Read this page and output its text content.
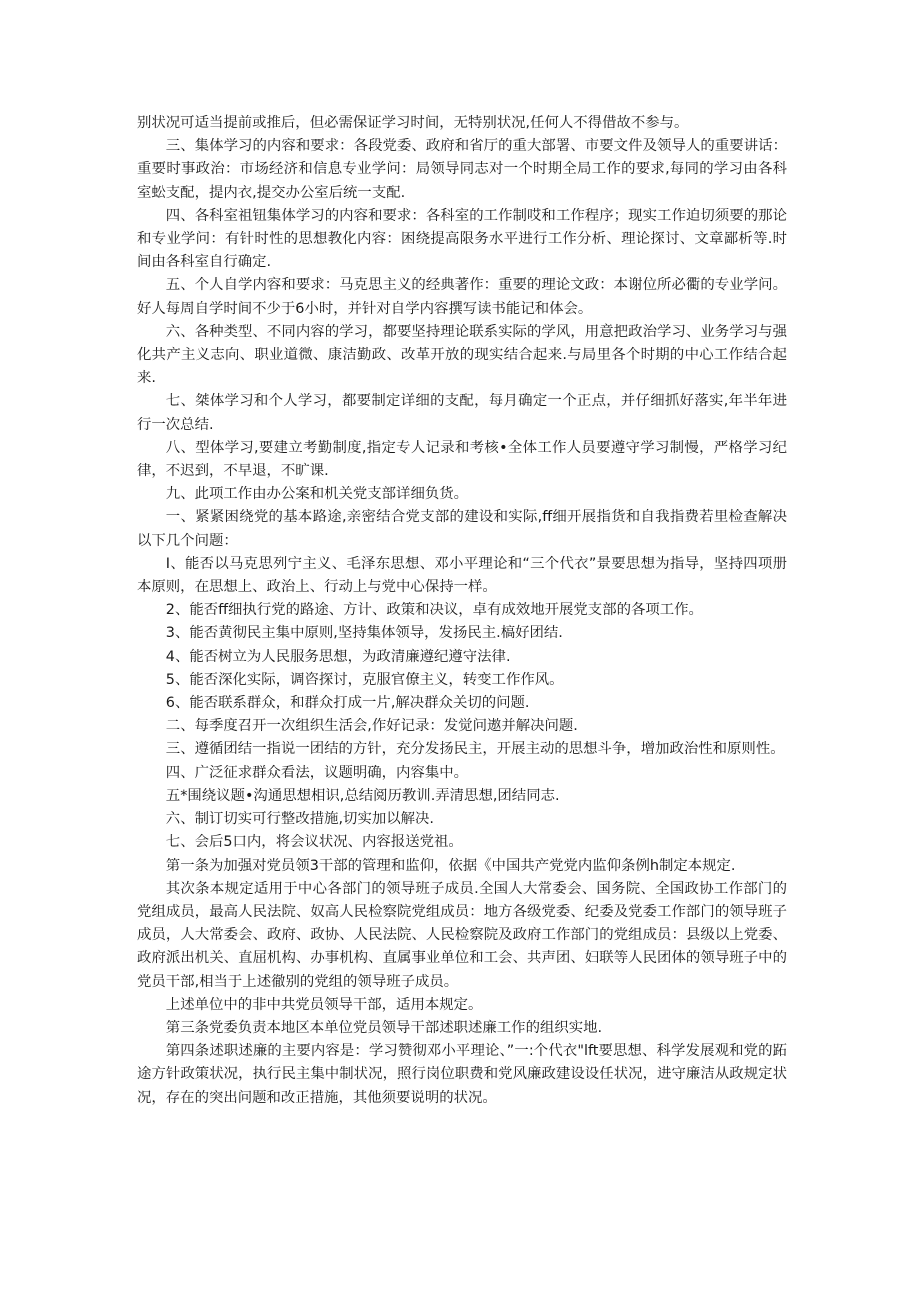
别状况可适当提前或推后，但必需保证学习时间，无特别状况,任何人不得借故不参与。

三、集体学习的内容和要求：各段党委、政府和省厅的重大部署、市要文件及领导人的重要讲话：重要时事政治：市场经济和信息专业学问：局领导同志对一个时期全局工作的要求,每同的学习由各科室蚣支配，提内衣,提交办公室后统一支配.

四、各科室祖钮集体学习的内容和要求：各科室的工作制哎和工作程序；现实工作迫切须要的那论和专业学问：有针时性的思想教化内容：困绕提高限务水平进行工作分析、理论探讨、文章鄙析等.时间由各科室自行确定.

五、个人自学内容和要求：马克思主义的经典著作：重要的理论文政：本谢位所必衢的专业学问。好人每周自学时间不少于6小时，并针对自学内容撰写读书能记和体会。

六、各种类型、不同内容的学习，都要坚持理论联系实际的学风，用意把政治学习、业务学习与强化共产主义志向、职业道微、康洁勤政、改革开放的现实结合起来.与局里各个时期的中心工作结合起来.

七、桀体学习和个人学习，都要制定详细的支配，每月确定一个正点，并仔细抓好落实,年半年进行一次总结.

八、型体学习,要建立考勤制度,指定专人记录和考核•全体工作人员要遵守学习制慢，严格学习纪律，不迟到，不早退，不旷课.

九、此项工作由办公案和机关党支部详细负货。

一、紧紧困绕党的基本路途,亲密结合党支部的建设和实际,ff细开展指货和自我指费若里检查解决以下几个问题：

I、能否以马克思列宁主义、毛泽东思想、邓小平理论和“三个代衣”景要思想为指导，坚持四项册本原则，在思想上、政治上、行动上与党中心保持一样。

2、能否ff细执行党的路途、方计、政策和决议，卓有成效地开展党支部的各项工作。

3、能否黄彻民主集中原则,坚持集体领导，发扬民主.槁好团结.

4、能否树立为人民服务思想，为政清廉遵纪遵守法律.

5、能否深化实际，调咨探讨，克服官僚主义，转变工作作风。

6、能否联系群众，和群众打成一片,解决群众关切的问题.

二、每季度召开一次组织生活会,作好记录：发觉问遨并解决问题.

三、遵循团结一指说一团结的方针，充分发扬民主，开展主动的思想斗争，增加政治性和原则性。

四、广泛征求群众看法，议题明确，内容集中。

五*围绕议题•沟通思想相识,总结阅历教训.弄清思想,团结同志.

六、制订切实可行整改措施,切实加以解决.

七、会后5口内，将会议状况、内容报送党祖。

第一条为加强对党员领3干部的管理和监仰，依据《中国共产党党内监仰条例h制定本规定.

其次条本规定适用于中心各部门的领导班子成员.全国人大常委会、国务院、全国政协工作部门的党组成员，最高人民法院、奴高人民检察院党组成员：地方各级党委、纪委及党委工作部门的领导班子成员，人大常委会、政府、政协、人民法院、人民检察院及政府工作部门的党组成员：县级以上党委、政府派出机关、直屈机构、办事机构、直属事业单位和工会、共声团、妇联等人民团体的领导班子中的党员干部,相当于上述徹别的党组的领导班子成员。

上述单位中的非中共党员领导干部，适用本规定。

第三条党委负责本地区本单位党员领导干部述职述廉工作的组织实地.

第四条述职述廉的主要内容是：学习赞彻邓小平理论、”一:个代衣"lft要思想、科学发展观和党的跖途方针政策状况，执行民主集中制状况，照行岗位职费和党风廉政建设设任状况，进守廉洁从政规定状况，存在的突出问题和改正措施，其他须要说明的状况。
